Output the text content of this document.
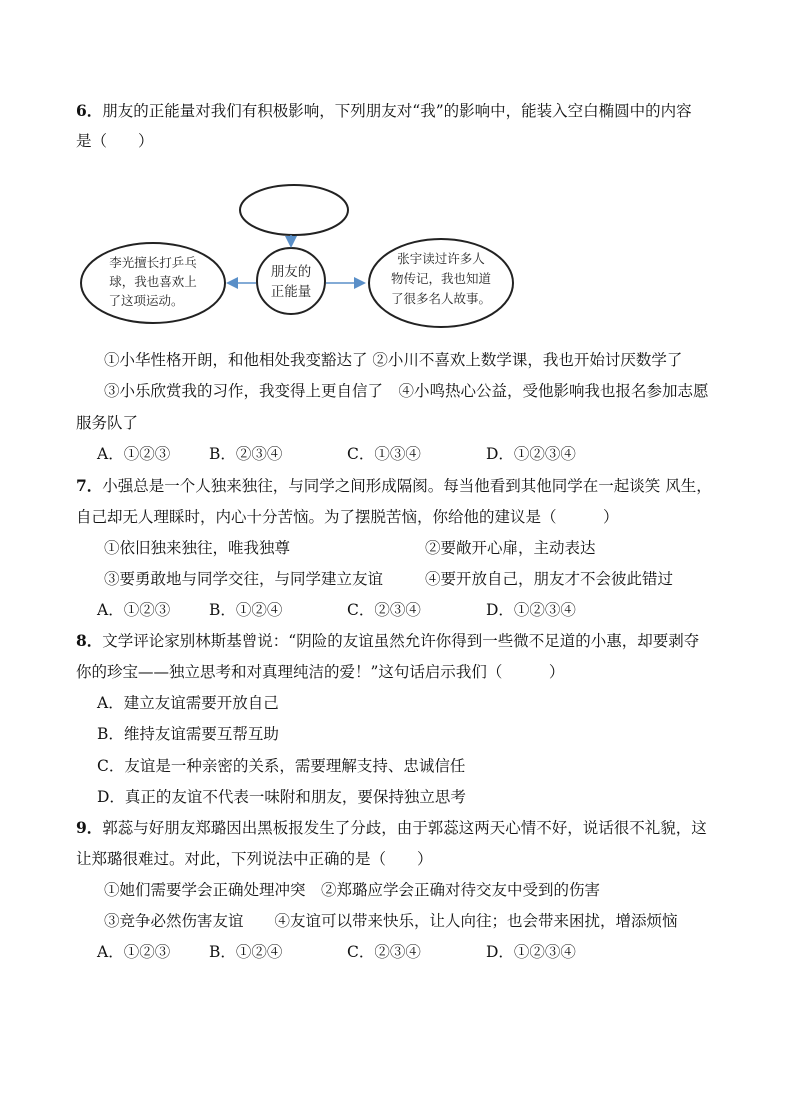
6．朋友的正能量对我们有积极影响，下列朋友对“我”的影响中，能装入空白椭圆中的内容
是（　　）
朋友的
正能量
李光擅长打乒乓
球，我也喜欢上
了这项运动。
张宇读过许多人
物传记，我也知道
了很多名人故事。
①小华性格开朗，和他相处我变豁达了 ②小川不喜欢上数学课，我也开始讨厌数学了
③小乐欣赏我的习作，我变得上更自信了　④小鸣热心公益，受他影响我也报名参加志愿
服务队了
A．①②③	B．②③④	C．①③④	D．①②③④
7．小强总是一个人独来独往，与同学之间形成隔阂。每当他看到其他同学在一起谈笑 风生，
自己却无人理睬时，内心十分苦恼。为了摆脱苦恼，你给他的建议是（　　　）
①依旧独来独往，唯我独尊	②要敞开心扉，主动表达
③要勇敢地与同学交往，与同学建立友谊	④要开放自己，朋友才不会彼此错过
A．①②③	B．①②④	C．②③④	D．①②③④
8．文学评论家别林斯基曾说：“阴险的友谊虽然允许你得到一些微不足道的小惠，却要剥夺
你的珍宝——独立思考和对真理纯洁的爱！”这句话启示我们（　　　）
A．建立友谊需要开放自己
B．维持友谊需要互帮互助
C．友谊是一种亲密的关系，需要理解支持、忠诚信任
D．真正的友谊不代表一味附和朋友，要保持独立思考
9．郭蕊与好朋友郑璐因出黑板报发生了分歧，由于郭蕊这两天心情不好，说话很不礼貌，这
让郑璐很难过。对此，下列说法中正确的是（　　）
①她们需要学会正确处理冲突　②郑璐应学会正确对待交友中受到的伤害
③竞争必然伤害友谊　　④友谊可以带来快乐，让人向往；也会带来困扰，增添烦恼
A．①②③	B．①②④	C．②③④	D．①②③④
